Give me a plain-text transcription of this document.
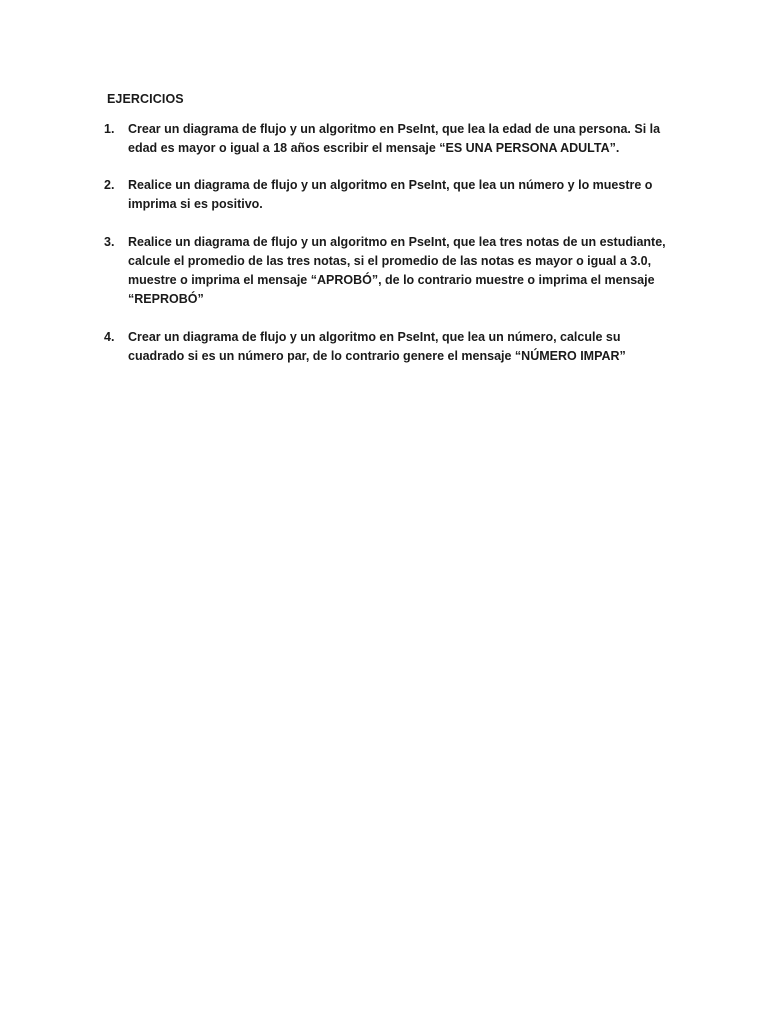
EJERCICIOS
1. Crear un diagrama de flujo y un algoritmo en PseInt, que lea la edad de una persona. Si la edad es mayor o igual a 18 años escribir el mensaje “ES UNA PERSONA ADULTA”.
2. Realice un diagrama de flujo y un algoritmo en PseInt, que lea un número y lo muestre o imprima si es positivo.
3. Realice un diagrama de flujo y un algoritmo en PseInt, que lea tres notas de un estudiante, calcule el promedio de las tres notas, si el promedio de las notas es mayor o igual a 3.0, muestre o imprima el mensaje “APROBÓ”, de lo contrario muestre o imprima el mensaje “REPROBÓ”
4. Crear un diagrama de flujo y un algoritmo en PseInt, que lea un número, calcule su cuadrado si es un número par, de lo contrario genere el mensaje “NÚMERO IMPAR”
